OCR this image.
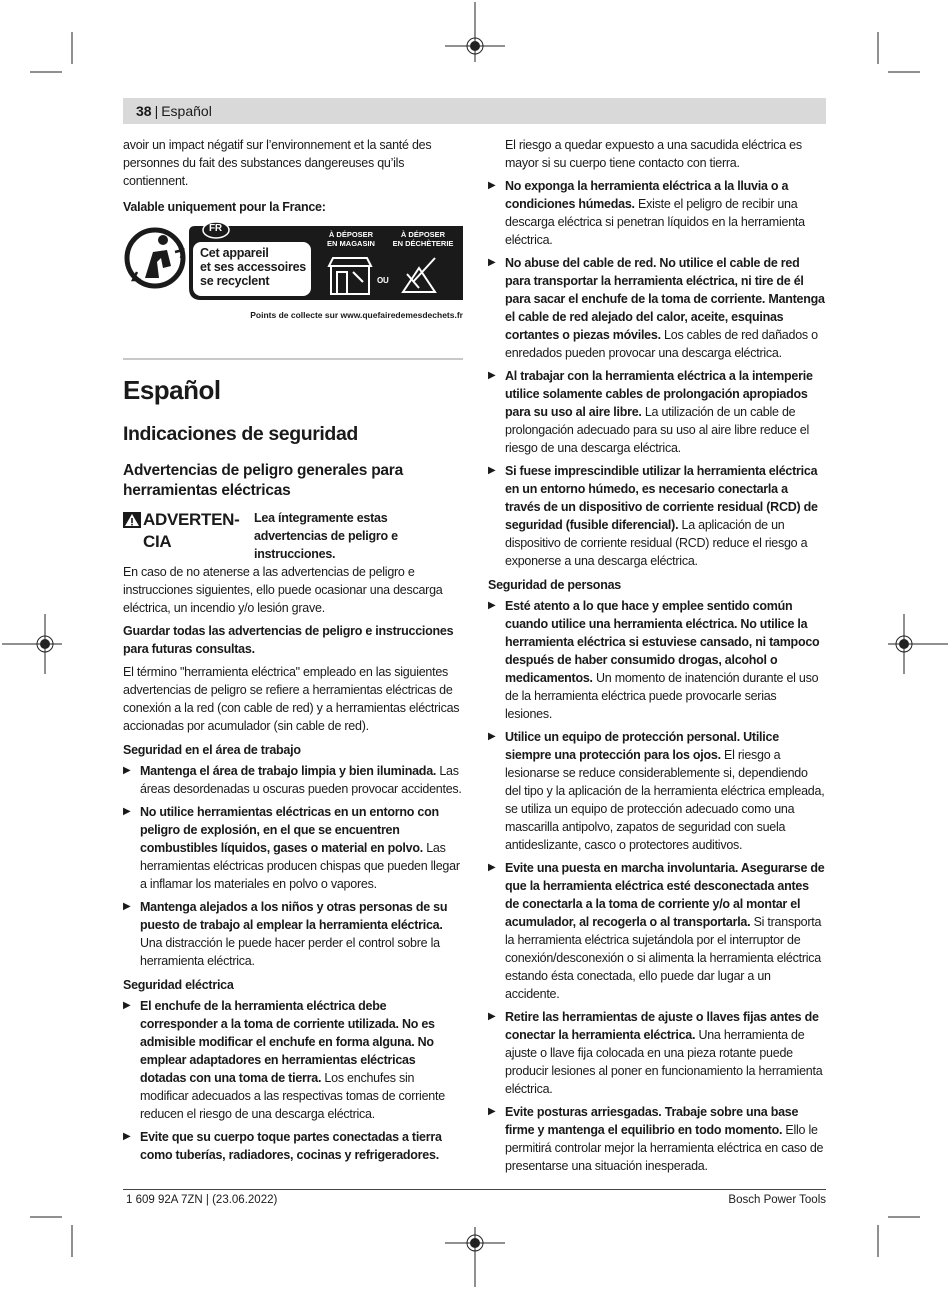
38 | Español

avoir un impact négatif sur l’environnement et la santé des personnes du fait des substances dangereuses qu’ils contiennent.

Valable uniquement pour la France:

FR
Cet appareil
et ses accessoires
se recyclent
À DÉPOSER
EN MAGASIN
OU
À DÉPOSER
EN DÉCHÈTERIE
Points de collecte sur www.quefairedemesdechets.fr
Español
Indicaciones de seguridad
Advertencias de peligro generales para herramientas eléctricas
ADVERTEN-CIA
Lea íntegramente estas advertencias de peligro e instrucciones.

En caso de no atenerse a las advertencias de peligro e instrucciones siguientes, ello puede ocasionar una descarga eléctrica, un incendio y/o lesión grave.

Guardar todas las advertencias de peligro e instrucciones para futuras consultas.

El término "herramienta eléctrica" empleado en las siguientes advertencias de peligro se refiere a herramientas eléctricas de conexión a la red (con cable de red) y a herramientas eléctricas accionadas por acumulador (sin cable de red).

Seguridad en el área de trabajo
▶ Mantenga el área de trabajo limpia y bien iluminada. Las áreas desordenadas u oscuras pueden provocar accidentes.
▶ No utilice herramientas eléctricas en un entorno con peligro de explosión, en el que se encuentren combustibles líquidos, gases o material en polvo. Las herramientas eléctricas producen chispas que pueden llegar a inflamar los materiales en polvo o vapores.
▶ Mantenga alejados a los niños y otras personas de su puesto de trabajo al emplear la herramienta eléctrica. Una distracción le puede hacer perder el control sobre la herramienta eléctrica.
Seguridad eléctrica
▶ El enchufe de la herramienta eléctrica debe corresponder a la toma de corriente utilizada. No es admisible modificar el enchufe en forma alguna. No emplear adaptadores en herramientas eléctricas dotadas con una toma de tierra. Los enchufes sin modificar adecuados a las respectivas tomas de corriente reducen el riesgo de una descarga eléctrica.
▶ Evite que su cuerpo toque partes conectadas a tierra como tuberías, radiadores, cocinas y refrigeradores.

El riesgo a quedar expuesto a una sacudida eléctrica es mayor si su cuerpo tiene contacto con tierra.

▶ No exponga la herramienta eléctrica a la lluvia o a condiciones húmedas. Existe el peligro de recibir una descarga eléctrica si penetran líquidos en la herramienta eléctrica.
▶ No abuse del cable de red. No utilice el cable de red para transportar la herramienta eléctrica, ni tire de él para sacar el enchufe de la toma de corriente. Mantenga el cable de red alejado del calor, aceite, esquinas cortantes o piezas móviles. Los cables de red dañados o enredados pueden provocar una descarga eléctrica.
▶ Al trabajar con la herramienta eléctrica a la intemperie utilice solamente cables de prolongación apropiados para su uso al aire libre. La utilización de un cable de prolongación adecuado para su uso al aire libre reduce el riesgo de una descarga eléctrica.
▶ Si fuese imprescindible utilizar la herramienta eléctrica en un entorno húmedo, es necesario conectarla a través de un dispositivo de corriente residual (RCD) de seguridad (fusible diferencial). La aplicación de un dispositivo de corriente residual (RCD) reduce el riesgo a exponerse a una descarga eléctrica.
Seguridad de personas
▶ Esté atento a lo que hace y emplee sentido común cuando utilice una herramienta eléctrica. No utilice la herramienta eléctrica si estuviese cansado, ni tampoco después de haber consumido drogas, alcohol o medicamentos. Un momento de inatención durante el uso de la herramienta eléctrica puede provocarle serias lesiones.
▶ Utilice un equipo de protección personal. Utilice siempre una protección para los ojos. El riesgo a lesionarse se reduce considerablemente si, dependiendo del tipo y la aplicación de la herramienta eléctrica empleada, se utiliza un equipo de protección adecuado como una mascarilla antipolvo, zapatos de seguridad con suela antideslizante, casco o protectores auditivos.
▶ Evite una puesta en marcha involuntaria. Asegurarse de que la herramienta eléctrica esté desconectada antes de conectarla a la toma de corriente y/o al montar el acumulador, al recogerla o al transportarla. Si transporta la herramienta eléctrica sujetándola por el interruptor de conexión/desconexión o si alimenta la herramienta eléctrica estando ésta conectada, ello puede dar lugar a un accidente.
▶ Retire las herramientas de ajuste o llaves fijas antes de conectar la herramienta eléctrica. Una herramienta de ajuste o llave fija colocada en una pieza rotante puede producir lesiones al poner en funcionamiento la herramienta eléctrica.
▶ Evite posturas arriesgadas. Trabaje sobre una base firme y mantenga el equilibrio en todo momento. Ello le permitirá controlar mejor la herramienta eléctrica en caso de presentarse una situación inesperada.
1 609 92A 7ZN | (23.06.2022)	Bosch Power Tools
